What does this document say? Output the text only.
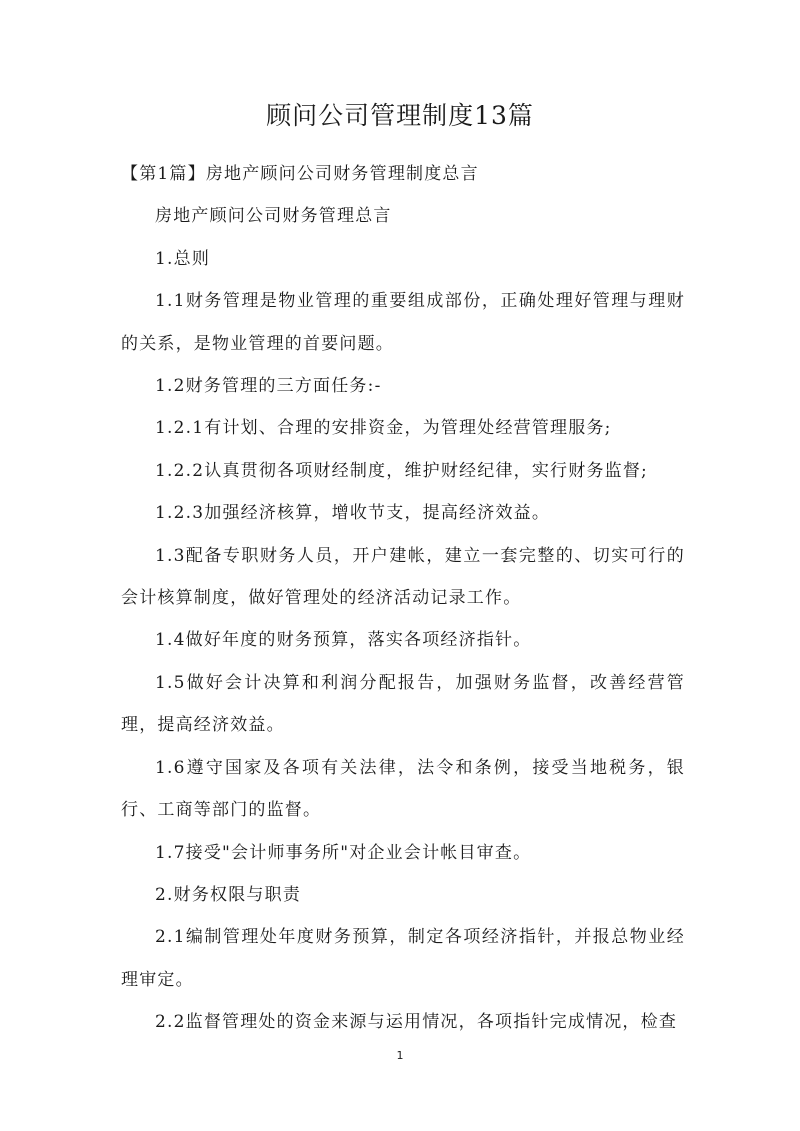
顾问公司管理制度13篇

【第1篇】房地产顾问公司财务管理制度总言

房地产顾问公司财务管理总言

1.总则

1.1财务管理是物业管理的重要组成部份，正确处理好管理与理财的关系，是物业管理的首要问题。

1.2财务管理的三方面任务:-

1.2.1有计划、合理的安排资金，为管理处经营管理服务;

1.2.2认真贯彻各项财经制度，维护财经纪律，实行财务监督;

1.2.3加强经济核算，增收节支，提高经济效益。

1.3配备专职财务人员，开户建帐，建立一套完整的、切实可行的会计核算制度，做好管理处的经济活动记录工作。

1.4做好年度的财务预算，落实各项经济指针。

1.5做好会计决算和利润分配报告，加强财务监督，改善经营管理，提高经济效益。

1.6遵守国家及各项有关法律，法令和条例，接受当地税务，银行、工商等部门的监督。

1.7接受"会计师事务所"对企业会计帐目审查。

2.财务权限与职责

2.1编制管理处年度财务预算，制定各项经济指针，并报总物业经理审定。

2.2监督管理处的资金来源与运用情况，各项指针完成情况，检查

1
